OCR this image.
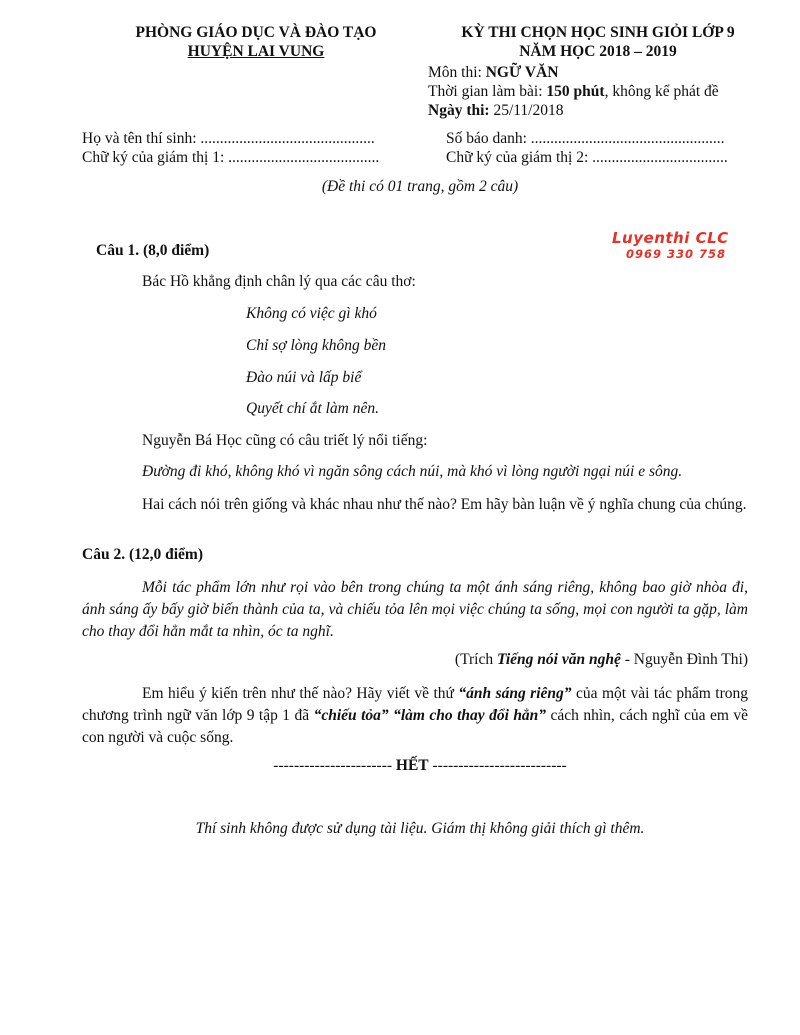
PHÒNG GIÁO DỤC VÀ ĐÀO TẠO
HUYỆN LAI VUNG
KỲ THI CHỌN HỌC SINH GIỎI LỚP 9
NĂM HỌC 2018 – 2019
Môn thi: NGỮ VĂN
Thời gian làm bài: 150 phút, không kể phát đề
Ngày thi: 25/11/2018
Họ và tên thí sinh: .............................................	Số báo danh: ..................................................
Chữ ký của giám thị 1: .......................................	Chữ ký của giám thị 2: ...................................
(Đề thi có 01 trang, gồm 2 câu)
Luyenthi CLC
0969 330 758
Câu 1. (8,0 điểm)
Bác Hồ khẳng định chân lý qua các câu thơ:
Không có việc gì khó
Chỉ sợ lòng không bền
Đào núi và lấp biể
Quyết chí ắt làm nên.
Nguyễn Bá Học cũng có câu triết lý nổi tiếng:
Đường đi khó, không khó vì ngăn sông cách núi, mà khó vì lòng người ngại núi e sông.
Hai cách nói trên giống và khác nhau như thế nào? Em hãy bàn luận về ý nghĩa chung của chúng.
Câu 2. (12,0 điểm)
Mỗi tác phẩm lớn như rọi vào bên trong chúng ta một ánh sáng riêng, không bao giờ nhòa đi, ánh sáng ấy bấy giờ biến thành của ta, và chiếu tỏa lên mọi việc chúng ta sống, mọi con người ta gặp, làm cho thay đổi hẳn mắt ta nhìn, óc ta nghĩ.
(Trích Tiếng nói văn nghệ - Nguyễn Đình Thi)
Em hiểu ý kiến trên như thế nào? Hãy viết về thứ “ánh sáng riêng” của một vài tác phẩm trong chương trình ngữ văn lớp 9 tập 1 đã “chiếu tỏa” “làm cho thay đổi hẳn” cách nhìn, cách nghĩ của em về con người và cuộc sống.
----------------------- HẾT --------------------------
Thí sinh không được sử dụng tài liệu. Giám thị không giải thích gì thêm.
